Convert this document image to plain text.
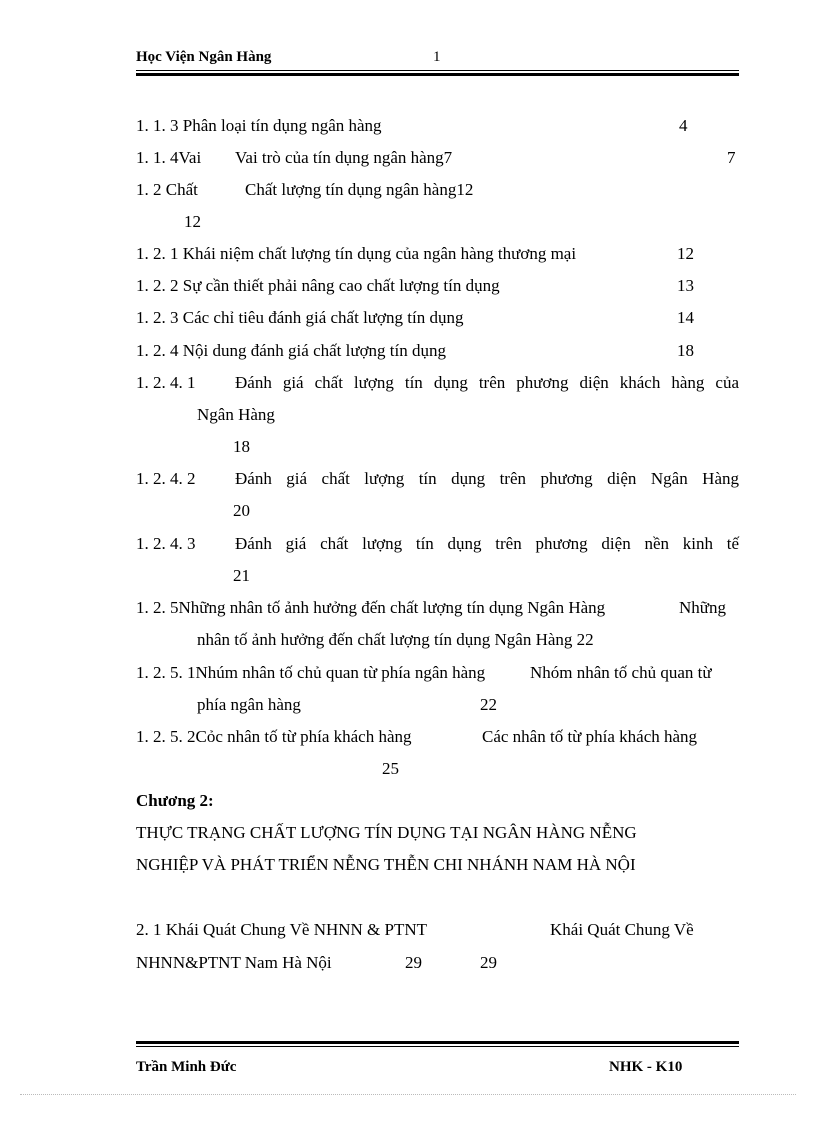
Học Viện Ngân Hàng	1
1. 1. 3 Phân loại tín dụng ngân hàng	4
1. 1. 4Vai Vai trò của tín dụng ngân hàng7	7
1. 2 Chất	Chất lượng tín dụng ngân hàng12
12
1. 2. 1 Khái niệm chất lượng tín dụng của ngân hàng thương mại	12
1. 2. 2 Sự cần thiết phải nâng cao chất lượng tín dụng	13
1. 2. 3 Các chỉ tiêu đánh giá chất lượng tín dụng	14
1. 2. 4 Nội dung đánh giá chất lượng tín dụng	18
1. 2. 4. 1 Đánh giá chất lượng tín dụng trên phương diện khách hàng của
Ngân Hàng
18
1. 2. 4. 2 Đánh giá chất lượng tín dụng trên phương diện Ngân Hàng
20
1. 2. 4. 3 Đánh giá chất lượng tín dụng trên phương diện nền kinh tế
21
1. 2. 5Những nhân tố ảnh hưởng đến chất lượng tín dụng Ngân Hàng	Những
nhân tố ảnh hưởng đến chất lượng tín dụng Ngân Hàng 22
1. 2. 5. 1Nhúm nhân tố chủ quan từ phía ngân hàng	Nhóm nhân tố chủ quan từ
phía ngân hàng	22
1. 2. 5. 2Cỏc nhân tố từ phía khách hàng	Các nhân tố từ phía khách hàng
25
Chương 2:
THỰC TRẠNG CHẤT LƯỢNG TÍN DỤNG TẠI NGÂN HÀNG NỄNG
NGHIỆP VÀ PHÁT TRIỂN NỄNG THỄN CHI NHÁNH NAM HÀ NỘI
2. 1 Khái Quát Chung Về NHNN & PTNT	Khái Quát Chung Về
NHNN&PTNT Nam Hà Nội	29	29
Trần Minh Đức	NHK - K10
